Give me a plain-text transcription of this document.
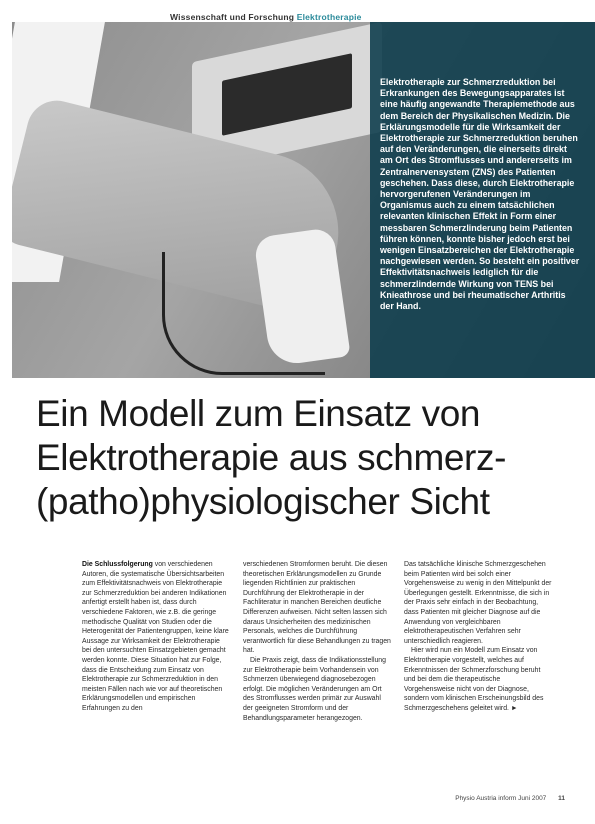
Wissenschaft und Forschung Elektrotherapie

Elektrotherapie zur Schmerzreduktion bei Erkrankungen des Bewegungsapparates ist eine häufig angewandte Therapiemethode aus dem Bereich der Physikalischen Medizin. Die Erklärungsmodelle für die Wirksamkeit der Elektrotherapie zur Schmerzreduktion beruhen auf den Veränderungen, die einerseits direkt am Ort des Stromflusses und andererseits im Zentralnervensystem (ZNS) des Patienten geschehen. Dass diese, durch Elektrotherapie hervorgerufenen Veränderungen im Organismus auch zu einem tatsächlichen relevanten klinischen Effekt in Form einer messbaren Schmerzlinderung beim Patienten führen können, konnte bisher jedoch erst bei wenigen Einsatzbereichen der Elektrotherapie nachgewiesen werden. So besteht ein positiver Effektivitätsnachweis lediglich für die schmerzlindernde Wirkung von TENS bei Knieathrose und bei rheumatischer Arthritis der Hand.

Ein Modell zum Einsatz von Elektrotherapie aus schmerz-(patho)physiologischer Sicht

Die Schlussfolgerung von verschiedenen Autoren, die systematische Übersichtsarbeiten zum Effektivitätsnachweis von Elektrotherapie zur Schmerzreduktion bei anderen Indikationen anfertigt erstellt haben ist, dass durch verschiedene Faktoren, wie z.B. die geringe methodische Qualität von Studien oder die Heterogenität der Patientengruppen, keine klare Aussage zur Wirksamkeit der Elektrotherapie bei den untersuchten Einsatzgebieten gemacht werden konnte. Diese Situation hat zur Folge, dass die Entscheidung zum Einsatz von Elektrotherapie zur Schmerzreduktion in den meisten Fällen nach wie vor auf theoretischen Erklärungsmodellen und empirischen Erfahrungen zu den

verschiedenen Stromformen beruht. Die diesen theoretischen Erklärungsmodellen zu Grunde liegenden Richtlinien zur praktischen Durchführung der Elektrotherapie in der Fachliteratur in manchen Bereichen deutliche Differenzen aufweisen. Nicht selten lassen sich daraus Unsicherheiten des medizinischen Personals, welches die Durchführung verantwortlich für diese Behandlungen zu tragen hat.
Die Praxis zeigt, dass die Indikationsstellung zur Elektrotherapie beim Vorhandensein von Schmerzen überwiegend diagnosebezogen erfolgt. Die möglichen Veränderungen am Ort des Stromflusses werden primär zur Auswahl der geeigneten Stromform und der Behandlungsparameter herangezogen.

Das tatsächliche klinische Schmerzgeschehen beim Patienten wird bei solch einer Vorgehensweise zu wenig in den Mittelpunkt der Überlegungen gestellt. Erkenntnisse, die sich in der Praxis sehr einfach in der Beobachtung, dass Patienten mit gleicher Diagnose auf die Anwendung von vergleichbaren elektrotherapeutischen Verfahren sehr unterschiedlich reagieren.
Hier wird nun ein Modell zum Einsatz von Elektrotherapie vorgestellt, welches auf Erkenntnissen der Schmerzforschung beruht und bei dem die therapeutische Vorgehensweise nicht von der Diagnose, sondern vom klinischen Erscheinungsbild des Schmerzgeschehens geleitet wird. ►

Physio Austria inform Juni 2007 11
